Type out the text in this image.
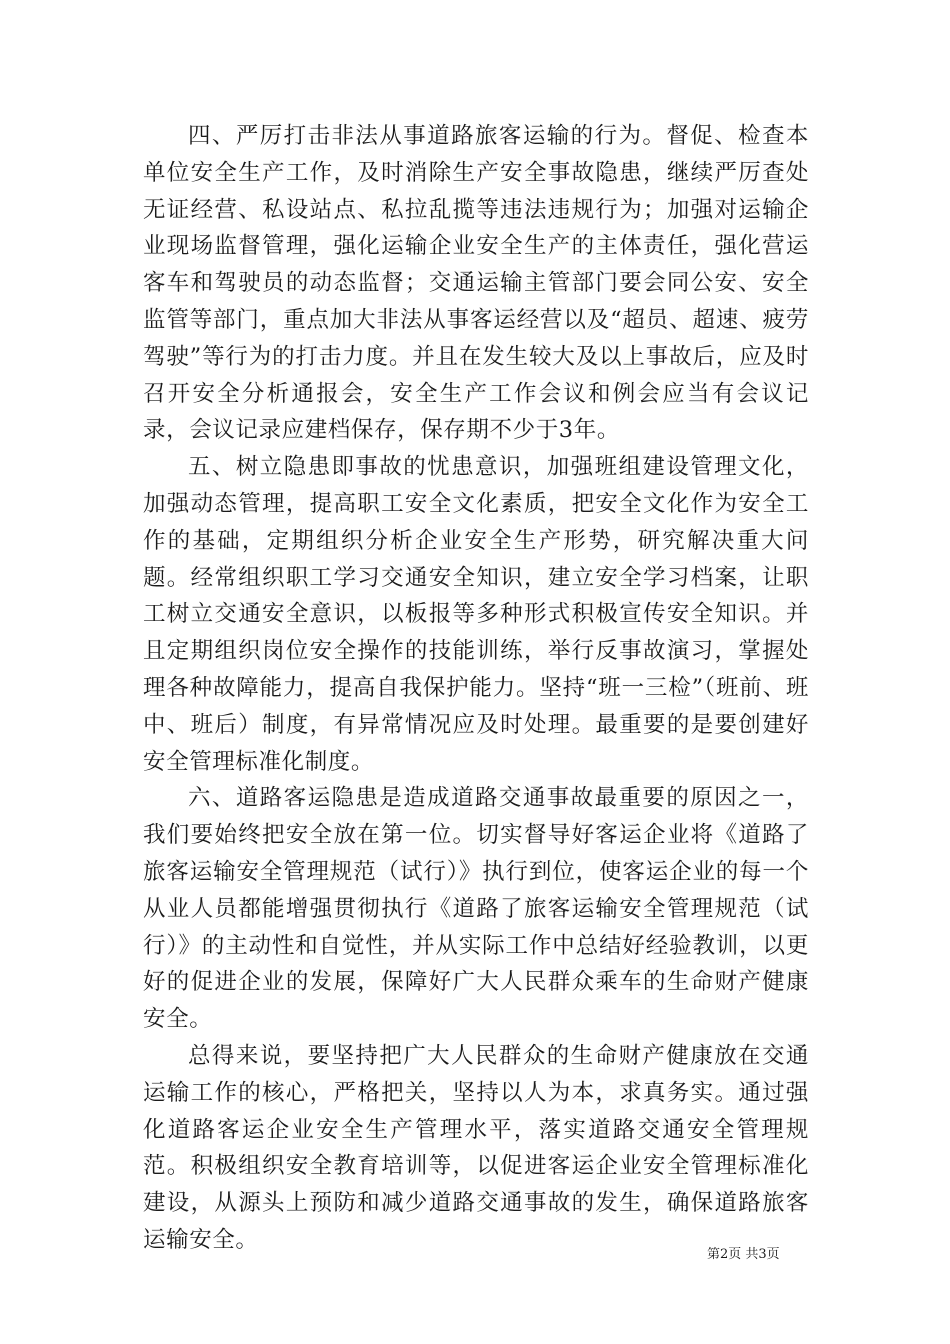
四、严厉打击非法从事道路旅客运输的行为。督促、检查本单位安全生产工作，及时消除生产安全事故隐患，继续严厉查处无证经营、私设站点、私拉乱揽等违法违规行为；加强对运输企业现场监督管理，强化运输企业安全生产的主体责任，强化营运客车和驾驶员的动态监督；交通运输主管部门要会同公安、安全监管等部门，重点加大非法从事客运经营以及“超员、超速、疲劳驾驶”等行为的打击力度。并且在发生较大及以上事故后，应及时召开安全分析通报会，安全生产工作会议和例会应当有会议记录，会议记录应建档保存，保存期不少于3年。

五、树立隐患即事故的忧患意识，加强班组建设管理文化，加强动态管理，提高职工安全文化素质，把安全文化作为安全工作的基础，定期组织分析企业安全生产形势，研究解决重大问题。经常组织职工学习交通安全知识，建立安全学习档案，让职工树立交通安全意识，以板报等多种形式积极宣传安全知识。并且定期组织岗位安全操作的技能训练，举行反事故演习，掌握处理各种故障能力，提高自我保护能力。坚持“班一三检”（班前、班中、班后）制度，有异常情况应及时处理。最重要的是要创建好安全管理标准化制度。

六、道路客运隐患是造成道路交通事故最重要的原因之一，我们要始终把安全放在第一位。切实督导好客运企业将《道路了旅客运输安全管理规范（试行）》执行到位，使客运企业的每一个从业人员都能增强贯彻执行《道路了旅客运输安全管理规范（试行）》的主动性和自觉性，并从实际工作中总结好经验教训，以更好的促进企业的发展，保障好广大人民群众乘车的生命财产健康安全。

总得来说，要坚持把广大人民群众的生命财产健康放在交通运输工作的核心，严格把关，坚持以人为本，求真务实。通过强化道路客运企业安全生产管理水平，落实道路交通安全管理规范。积极组织安全教育培训等，以促进客运企业安全管理标准化建设，从源头上预防和减少道路交通事故的发生，确保道路旅客运输安全。

第2页 共3页
